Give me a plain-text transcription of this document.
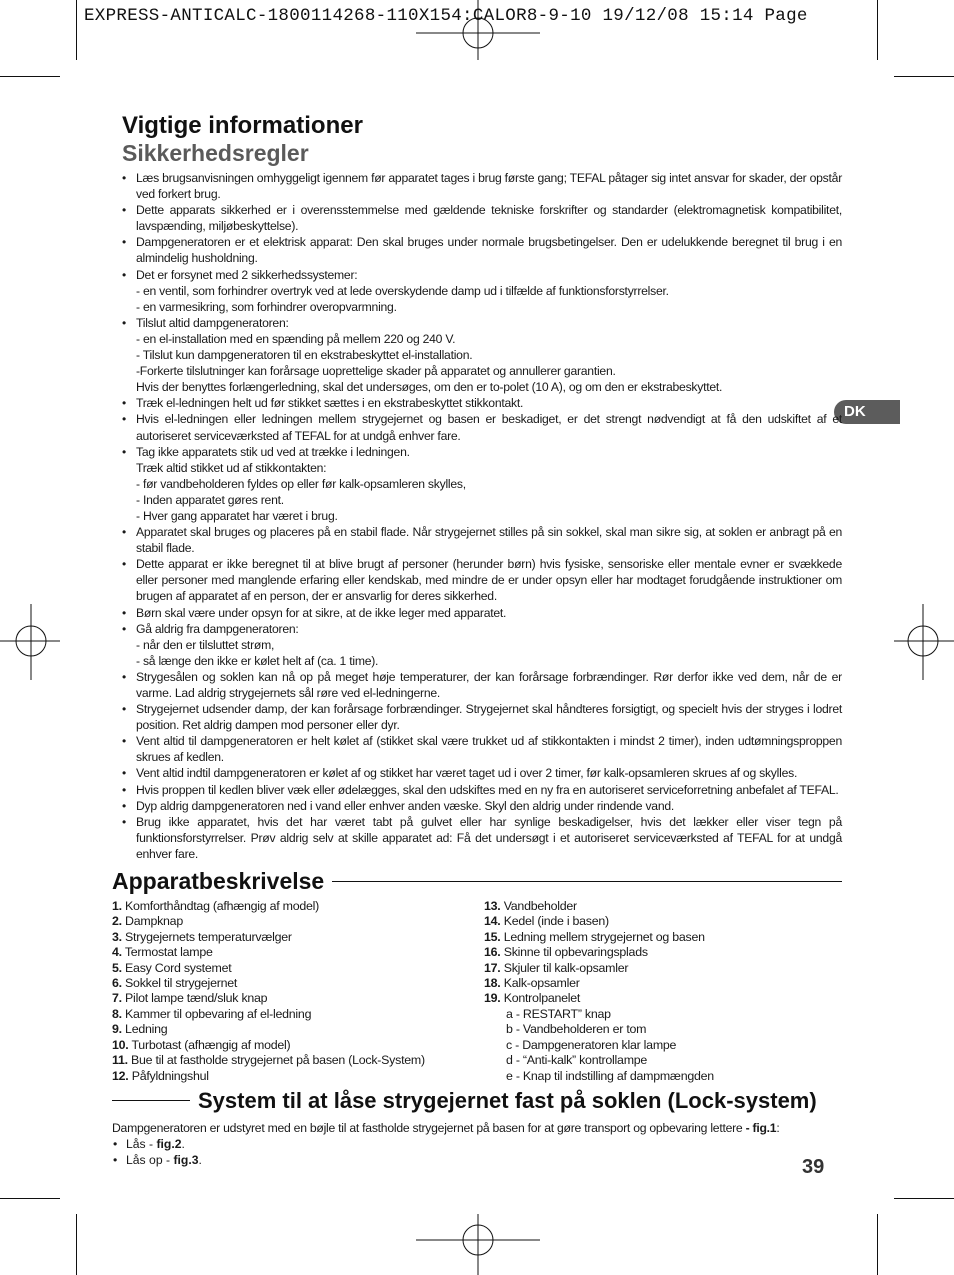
EXPRESS-ANTICALC-1800114268-110X154:CALOR8-9-10 19/12/08 15:14 Page
DK
Vigtige informationer
Sikkerhedsregler
• Læs brugsanvisningen omhyggeligt igennem før apparatet tages i brug første gang; TEFAL påtager sig intet ansvar for skader, der opstår ved forkert brug.
• Dette apparats sikkerhed er i overensstemmelse med gældende tekniske forskrifter og standarder (elektromagnetisk kompatibilitet, lavspænding, miljøbeskyttelse).
• Dampgeneratoren er et elektrisk apparat: Den skal bruges under normale brugsbetingelser. Den er udelukkende beregnet til brug i en almindelig husholdning.
• Det er forsynet med 2 sikkerhedssystemer:
- en ventil, som forhindrer overtryk ved at lede overskydende damp ud i tilfælde af funktionsforstyrrelser.
- en varmesikring, som forhindrer overopvarmning.
• Tilslut altid dampgeneratoren:
- en el-installation med en spænding på mellem 220 og 240 V.
- Tilslut kun dampgeneratoren til en ekstrabeskyttet el-installation.
-Forkerte tilslutninger kan forårsage uoprettelige skader på apparatet og annullerer garantien.
Hvis der benyttes forlængerledning, skal det undersøges, om den er to-polet (10 A), og om den er ekstrabeskyttet.
• Træk el-ledningen helt ud før stikket sættes i en ekstrabeskyttet stikkontakt.
• Hvis el-ledningen eller ledningen mellem strygejernet og basen er beskadiget, er det strengt nødvendigt at få den udskiftet af et autoriseret serviceværksted af TEFAL for at undgå enhver fare.
• Tag ikke apparatets stik ud ved at trække i ledningen.
Træk altid stikket ud af stikkontakten:
- før vandbeholderen fyldes op eller før kalk-opsamleren skylles,
- Inden apparatet gøres rent.
- Hver gang apparatet har været i brug.
• Apparatet skal bruges og placeres på en stabil flade. Når strygejernet stilles på sin sokkel, skal man sikre sig, at soklen er anbragt på en stabil flade.
• Dette apparat er ikke beregnet til at blive brugt af personer (herunder børn) hvis fysiske, sensoriske eller mentale evner er svækkede eller personer med manglende erfaring eller kendskab, med mindre de er under opsyn eller har modtaget forudgående instruktioner om brugen af apparatet af en person, der er ansvarlig for deres sikkerhed.
• Børn skal være under opsyn for at sikre, at de ikke leger med apparatet.
• Gå aldrig fra dampgeneratoren:
- når den er tilsluttet strøm,
- så længe den ikke er kølet helt af (ca. 1 time).
• Strygesålen og soklen kan nå op på meget høje temperaturer, der kan forårsage forbrændinger. Rør derfor ikke ved dem, når de er varme. Lad aldrig strygejernets sål røre ved el-ledningerne.
• Strygejernet udsender damp, der kan forårsage forbrændinger. Strygejernet skal håndteres forsigtigt, og specielt hvis der stryges i lodret position. Ret aldrig dampen mod personer eller dyr.
• Vent altid til dampgeneratoren er helt kølet af (stikket skal være trukket ud af stikkontakten i mindst 2 timer), inden udtømningsproppen skrues af kedlen.
• Vent altid indtil dampgeneratoren er kølet af og stikket har været taget ud i over 2 timer, før kalk-opsamleren skrues af og skylles.
• Hvis proppen til kedlen bliver væk eller ødelægges, skal den udskiftes med en ny fra en autoriseret serviceforretning anbefalet af TEFAL.
• Dyp aldrig dampgeneratoren ned i vand eller enhver anden væske. Skyl den aldrig under rindende vand.
• Brug ikke apparatet, hvis det har været tabt på gulvet eller har synlige beskadigelser, hvis det lækker eller viser tegn på funktionsforstyrrelser. Prøv aldrig selv at skille apparatet ad: Få det undersøgt i et autoriseret serviceværksted af TEFAL for at undgå enhver fare.
Apparatbeskrivelse
1. Komforthåndtag (afhængig af model)
2. Dampknap
3. Strygejernets temperaturvælger
4. Termostat lampe
5. Easy Cord systemet
6. Sokkel til strygejernet
7. Pilot lampe tænd/sluk knap
8. Kammer til opbevaring af el-ledning
9. Ledning
10. Turbotast (afhængig af model)
11. Bue til at fastholde strygejernet på basen (Lock-System)
12. Påfyldningshul
13. Vandbeholder
14. Kedel (inde i basen)
15. Ledning mellem strygejernet og basen
16. Skinne til opbevaringsplads
17. Skjuler til kalk-opsamler
18. Kalk-opsamler
19. Kontrolpanelet
a - RESTART” knap
b - Vandbeholderen er tom
c - Dampgeneratoren klar lampe
d - “Anti-kalk” kontrollampe
e - Knap til indstilling af dampmængden
System til at låse strygejernet fast på soklen (Lock-system)

Dampgeneratoren er udstyret med en bøjle til at fastholde strygejernet på basen for at gøre transport og opbevaring lettere - fig.1:

• Lås - fig.2.
• Lås op - fig.3.	39
